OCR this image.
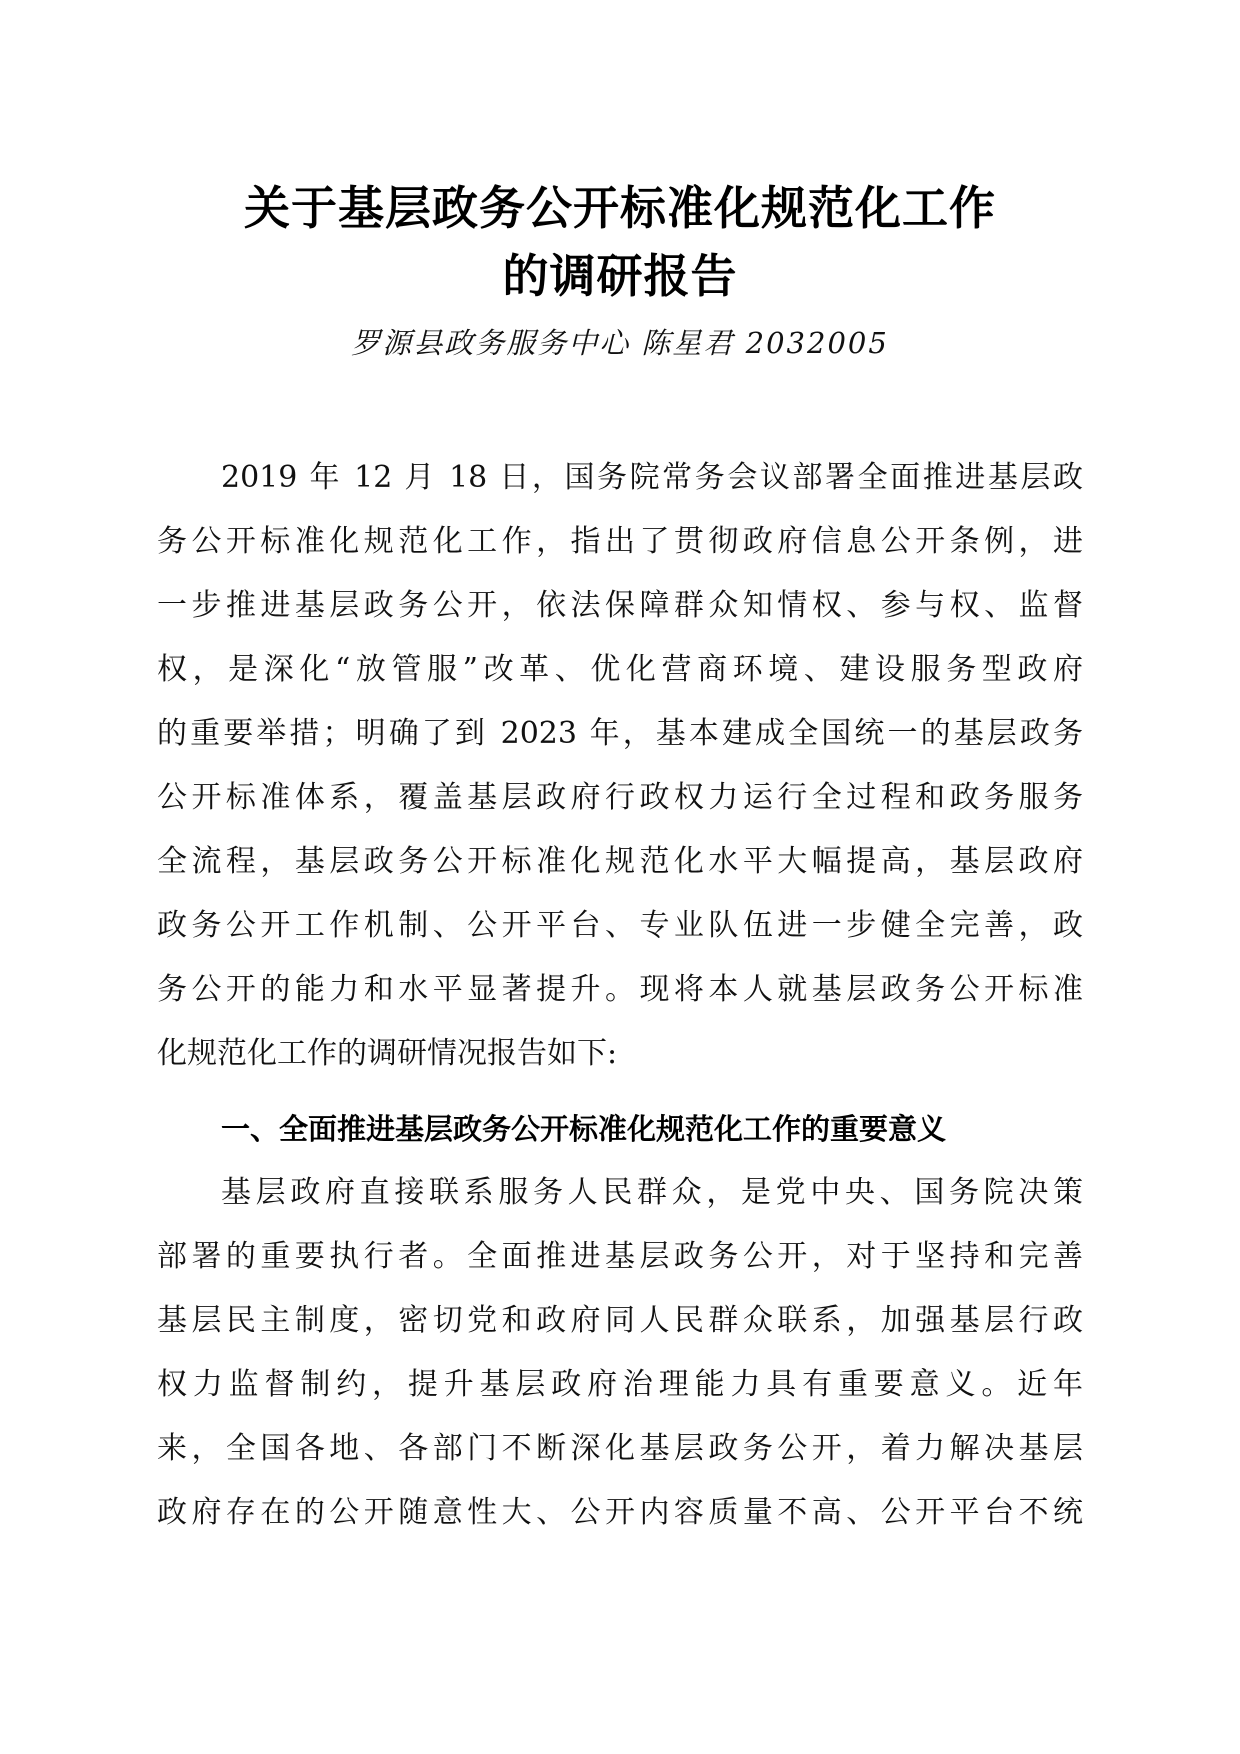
关于基层政务公开标准化规范化工作
的调研报告
罗源县政务服务中心 陈星君 2032005
2019 年 12 月 18 日，国务院常务会议部署全面推进基层政
务公开标准化规范化工作，指出了贯彻政府信息公开条例，进
一步推进基层政务公开，依法保障群众知情权、参与权、监督
权，是深化“放管服”改革、优化营商环境、建设服务型政府
的重要举措；明确了到 2023 年，基本建成全国统一的基层政务
公开标准体系，覆盖基层政府行政权力运行全过程和政务服务
全流程，基层政务公开标准化规范化水平大幅提高，基层政府
政务公开工作机制、公开平台、专业队伍进一步健全完善，政
务公开的能力和水平显著提升。现将本人就基层政务公开标准
化规范化工作的调研情况报告如下:
一、全面推进基层政务公开标准化规范化工作的重要意义
基层政府直接联系服务人民群众，是党中央、国务院决策
部署的重要执行者。全面推进基层政务公开，对于坚持和完善
基层民主制度，密切党和政府同人民群众联系，加强基层行政
权力监督制约，提升基层政府治理能力具有重要意义。近年
来，全国各地、各部门不断深化基层政务公开，着力解决基层
政府存在的公开随意性大、公开内容质量不高、公开平台不统
